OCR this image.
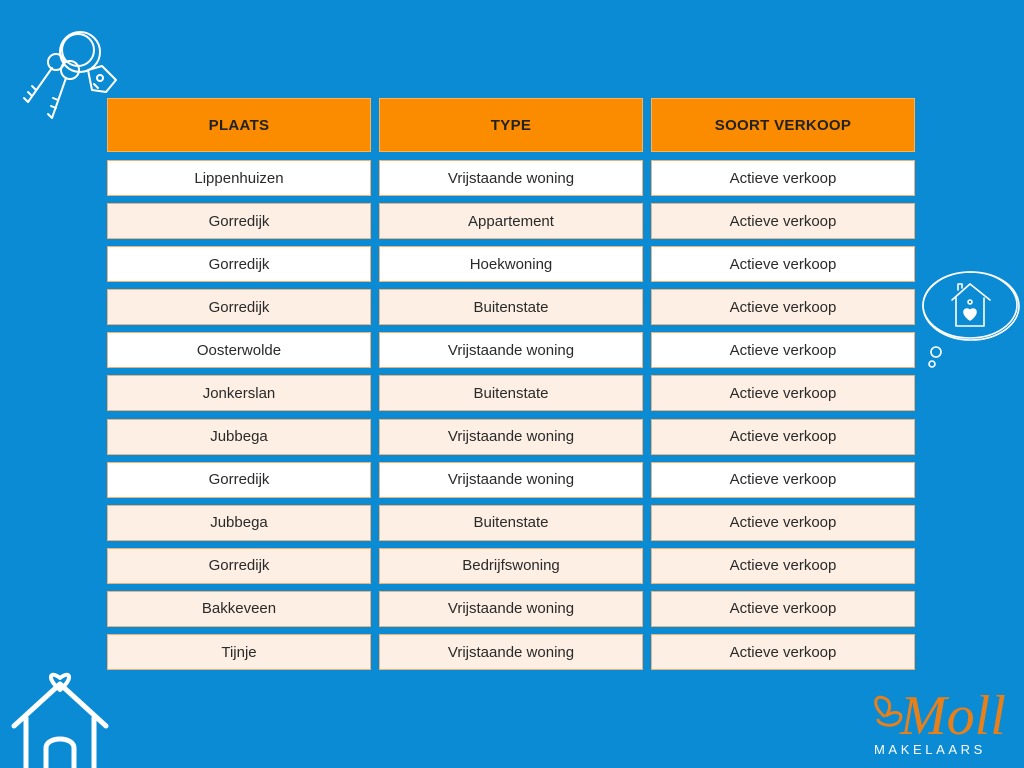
PLAATS	TYPE	SOORT VERKOOP
Lippenhuizen	Vrijstaande woning	Actieve verkoop
Gorredijk	Appartement	Actieve verkoop
Gorredijk	Hoekwoning	Actieve verkoop
Gorredijk	Buitenstate	Actieve verkoop
Oosterwolde	Vrijstaande woning	Actieve verkoop
Jonkerslan	Buitenstate	Actieve verkoop
Jubbega	Vrijstaande woning	Actieve verkoop
Gorredijk	Vrijstaande woning	Actieve verkoop
Jubbega	Buitenstate	Actieve verkoop
Gorredijk	Bedrijfswoning	Actieve verkoop
Bakkeveen	Vrijstaande woning	Actieve verkoop
Tijnje	Vrijstaande woning	Actieve verkoop
Moll
MAKELAARS
